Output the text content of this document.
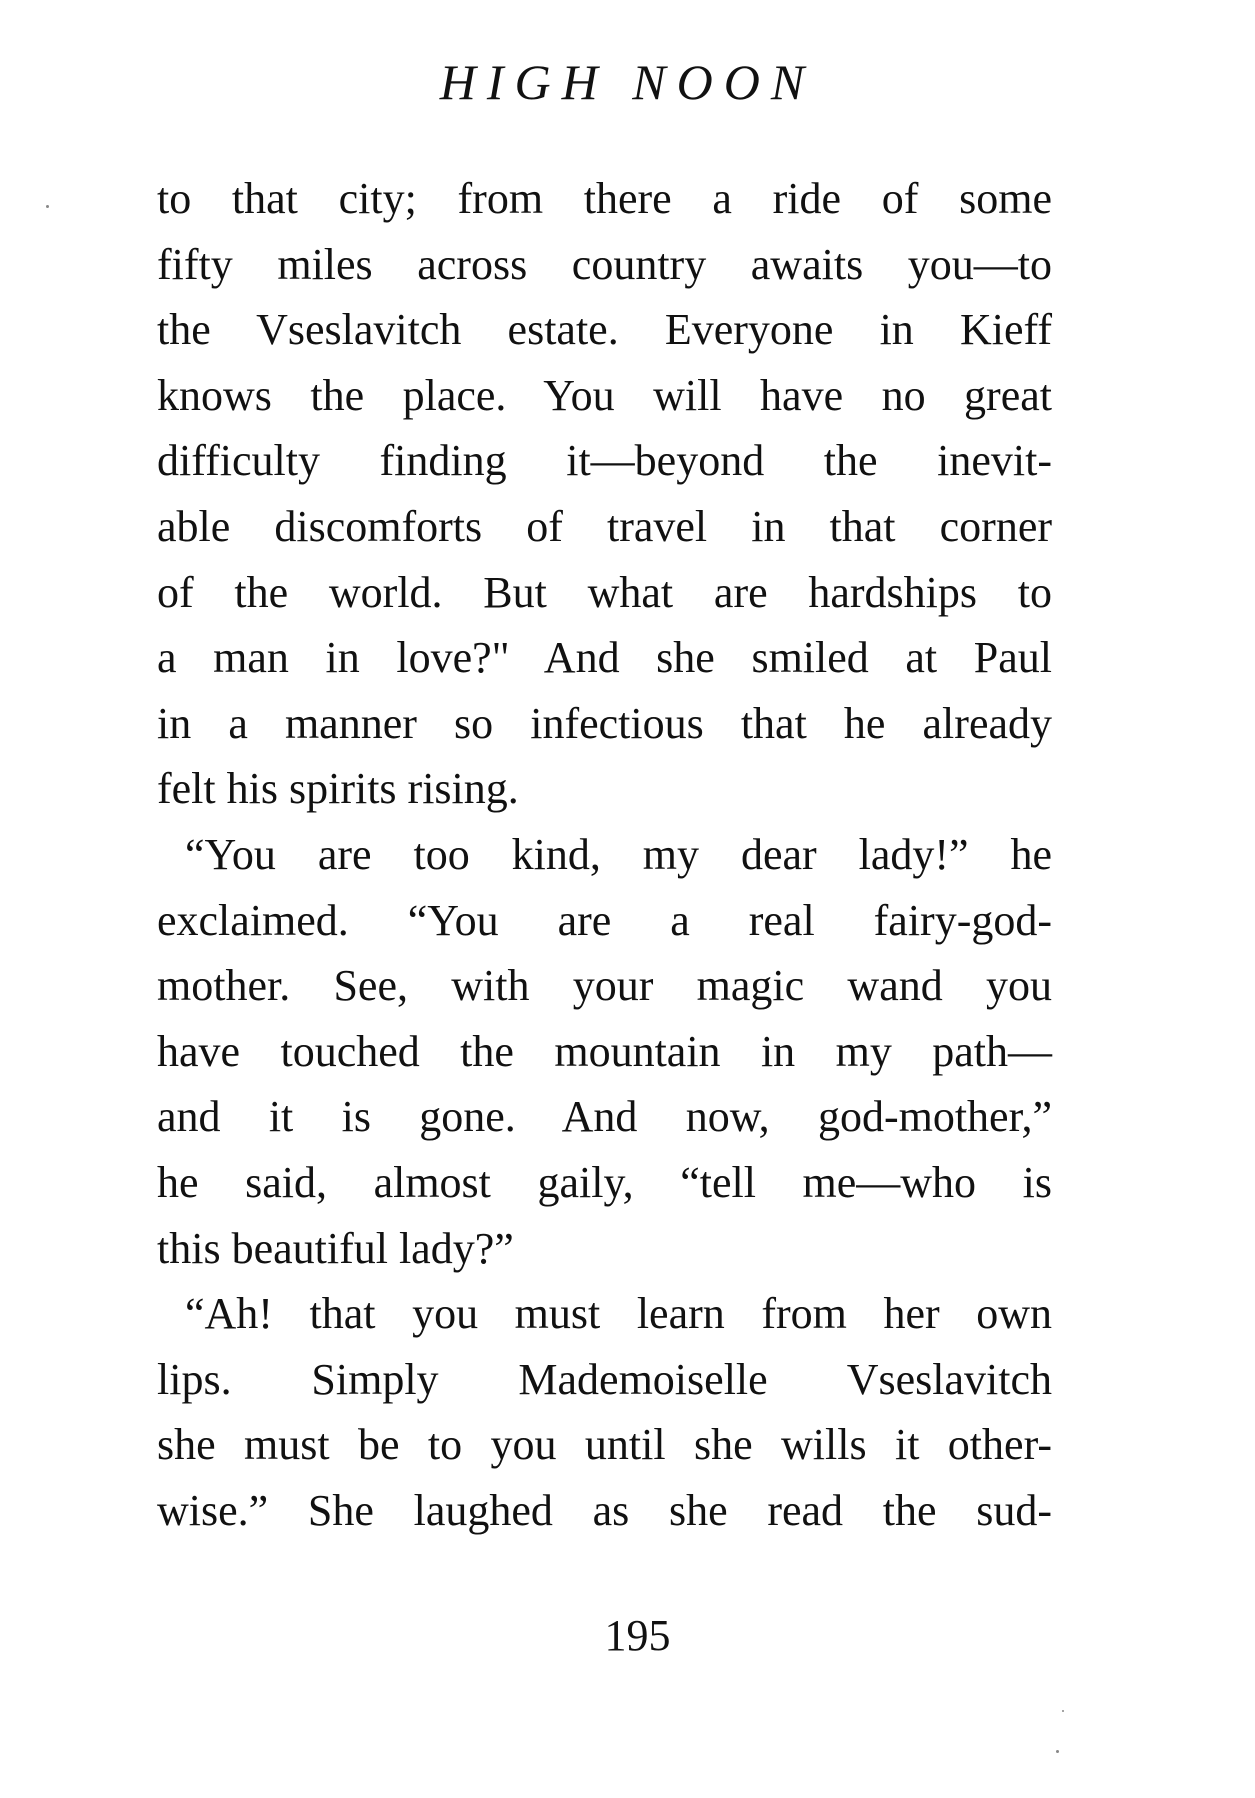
HIGH NOON
to that city; from there a ride of some
fifty miles across country awaits you—to
the Vseslavitch estate. Everyone in Kieff
knows the place. You will have no great
difficulty finding it—beyond the inevit-
able discomforts of travel in that corner
of the world. But what are hardships to
a man in love?" And she smiled at Paul
in a manner so infectious that he already
felt his spirits rising.
“You are too kind, my dear lady!” he
exclaimed. “You are a real fairy-god-
mother. See, with your magic wand you
have touched the mountain in my path—
and it is gone. And now, god-mother,”
he said, almost gaily, “tell me—who is
this beautiful lady?”
“Ah! that you must learn from her own
lips. Simply Mademoiselle Vseslavitch
she must be to you until she wills it other-
wise.” She laughed as she read the sud-
195
